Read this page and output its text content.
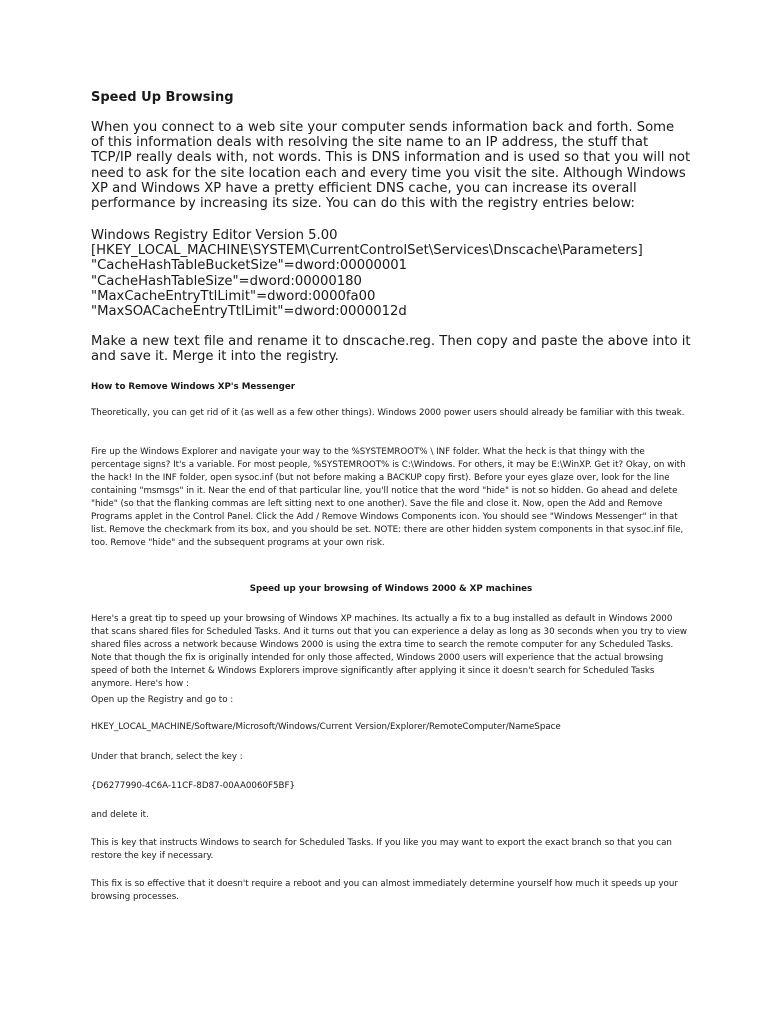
Speed Up Browsing

When you connect to a web site your computer sends information back and forth. Some of this information deals with resolving the site name to an IP address, the stuff that TCP/IP really deals with, not words. This is DNS information and is used so that you will not need to ask for the site location each and every time you visit the site. Although Windows XP and Windows XP have a pretty efficient DNS cache, you can increase its overall performance by increasing its size. You can do this with the registry entries below:

Windows Registry Editor Version 5.00
[HKEY_LOCAL_MACHINE\SYSTEM\CurrentControlSet\Services\Dnscache\Parameters]
"CacheHashTableBucketSize"=dword:00000001
"CacheHashTableSize"=dword:00000180
"MaxCacheEntryTtlLimit"=dword:0000fa00
"MaxSOACacheEntryTtlLimit"=dword:0000012d

Make a new text file and rename it to dnscache.reg. Then copy and paste the above into it and save it. Merge it into the registry.

How to Remove Windows XP's Messenger

Theoretically, you can get rid of it (as well as a few other things). Windows 2000 power users should already be familiar with this tweak.

Fire up the Windows Explorer and navigate your way to the %SYSTEMROOT% \ INF folder. What the heck is that thingy with the percentage signs? It's a variable. For most people, %SYSTEMROOT% is C:\Windows. For others, it may be E:\WinXP. Get it? Okay, on with the hack! In the INF folder, open sysoc.inf (but not before making a BACKUP copy first). Before your eyes glaze over, look for the line containing "msmsgs" in it. Near the end of that particular line, you'll notice that the word "hide" is not so hidden. Go ahead and delete "hide" (so that the flanking commas are left sitting next to one another). Save the file and close it. Now, open the Add and Remove Programs applet in the Control Panel. Click the Add / Remove Windows Components icon. You should see "Windows Messenger" in that list. Remove the checkmark from its box, and you should be set. NOTE: there are other hidden system components in that sysoc.inf file, too. Remove "hide" and the subsequent programs at your own risk.

Speed up your browsing of Windows 2000 & XP machines

Here's a great tip to speed up your browsing of Windows XP machines. Its actually a fix to a bug installed as default in Windows 2000 that scans shared files for Scheduled Tasks. And it turns out that you can experience a delay as long as 30 seconds when you try to view shared files across a network because Windows 2000 is using the extra time to search the remote computer for any Scheduled Tasks. Note that though the fix is originally intended for only those affected, Windows 2000 users will experience that the actual browsing speed of both the Internet & Windows Explorers improve significantly after applying it since it doesn't search for Scheduled Tasks anymore. Here's how :

Open up the Registry and go to :

HKEY_LOCAL_MACHINE/Software/Microsoft/Windows/Current Version/Explorer/RemoteComputer/NameSpace

Under that branch, select the key :

{D6277990-4C6A-11CF-8D87-00AA0060F5BF}

and delete it.

This is key that instructs Windows to search for Scheduled Tasks. If you like you may want to export the exact branch so that you can restore the key if necessary.

This fix is so effective that it doesn't require a reboot and you can almost immediately determine yourself how much it speeds up your browsing processes.
